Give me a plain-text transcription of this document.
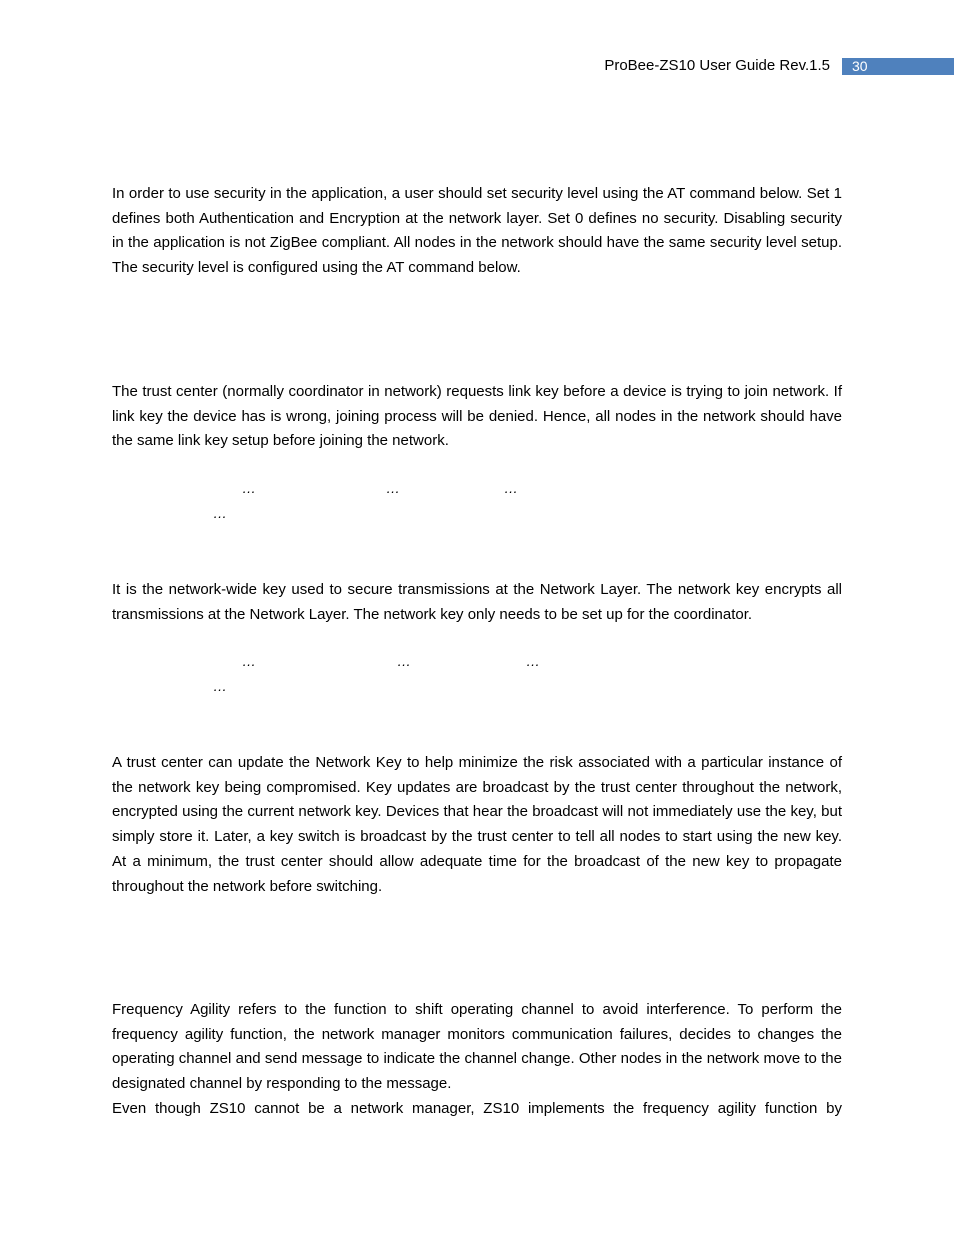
ProBee-ZS10 User Guide Rev.1.5	30

In order to use security in the application, a user should set security level using the AT command below. Set 1 defines both Authentication and Encryption at the network layer. Set 0 defines no security. Disabling security in the application is not ZigBee compliant. All nodes in the network should have the same security level setup. The security level is configured using the AT command below.

The trust center (normally coordinator in network) requests link key before a device is trying to join network. If link key the device has is wrong, joining process will be denied. Hence, all nodes in the network should have the same link key setup before joining the network.

…	…	…
…

It is the network-wide key used to secure transmissions at the Network Layer. The network key encrypts all transmissions at the Network Layer. The network key only needs to be set up for the coordinator.

…	…	…
…

A trust center can update the Network Key to help minimize the risk associated with a particular instance of the network key being compromised. Key updates are broadcast by the trust center throughout the network, encrypted using the current network key. Devices that hear the broadcast will not immediately use the key, but simply store it. Later, a key switch is broadcast by the trust center to tell all nodes to start using the new key. At a minimum, the trust center should allow adequate time for the broadcast of the new key to propagate throughout the network before switching.

Frequency Agility refers to the function to shift operating channel to avoid interference. To perform the frequency agility function, the network manager monitors communication failures, decides to changes the operating channel and send message to indicate the channel change. Other nodes in the network move to the designated channel by responding to the message.

Even though ZS10 cannot be a network manager, ZS10 implements the frequency agility function by
